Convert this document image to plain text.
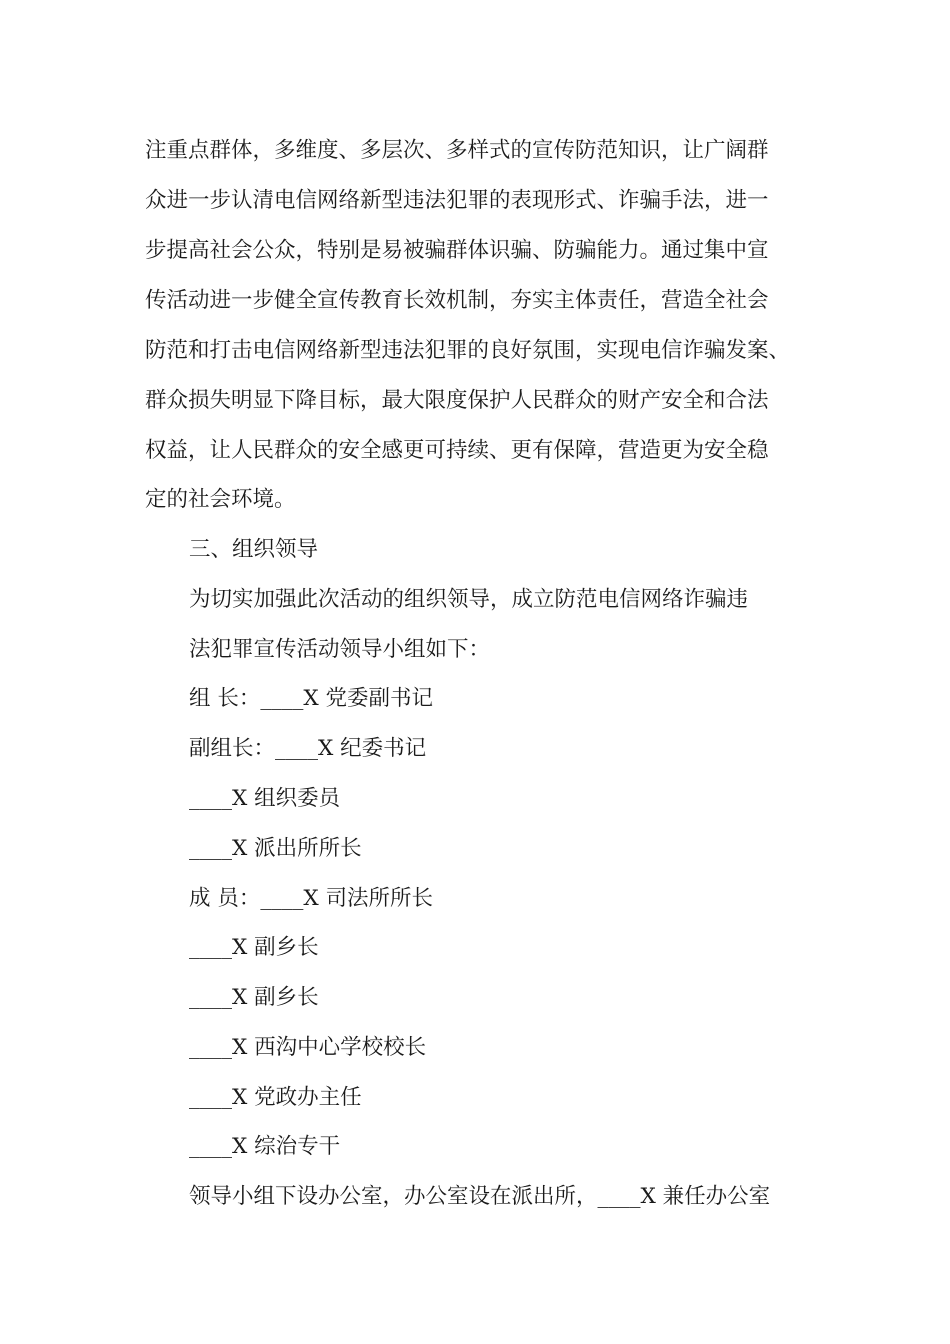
注重点群体，多维度、多层次、多样式的宣传防范知识，让广阔群
众进一步认清电信网络新型违法犯罪的表现形式、诈骗手法，进一
步提高社会公众，特别是易被骗群体识骗、防骗能力。通过集中宣
传活动进一步健全宣传教育长效机制，夯实主体责任，营造全社会
防范和打击电信网络新型违法犯罪的良好氛围，实现电信诈骗发案、
群众损失明显下降目标，最大限度保护人民群众的财产安全和合法
权益，让人民群众的安全感更可持续、更有保障，营造更为安全稳
定的社会环境。
三、组织领导
为切实加强此次活动的组织领导，成立防范电信网络诈骗违
法犯罪宣传活动领导小组如下：
组 长：____X 党委副书记
副组长：____X 纪委书记
____X 组织委员
____X 派出所所长
成 员：____X 司法所所长
____X 副乡长
____X 副乡长
____X 西沟中心学校校长
____X 党政办主任
____X 综治专干
领导小组下设办公室，办公室设在派出所，____X 兼任办公室
